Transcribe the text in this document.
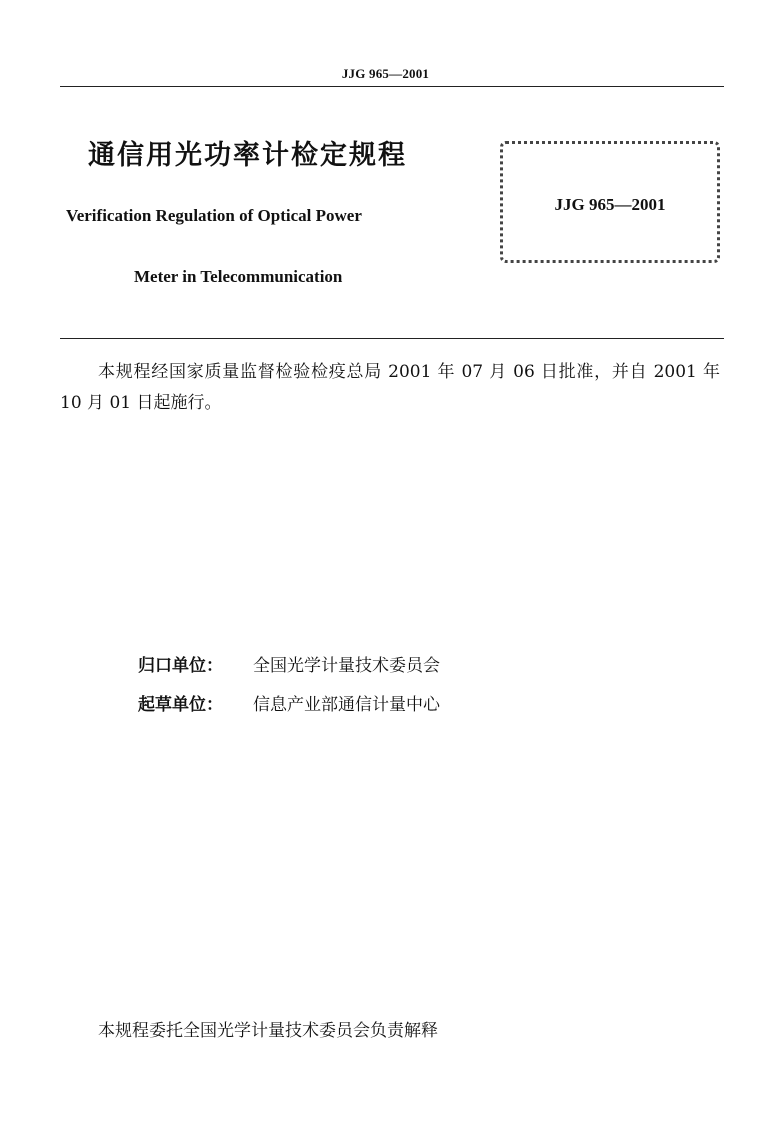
JJG 965—2001
通信用光功率计检定规程
Verification Regulation of Optical Power
Meter in Telecommunication
JJG 965—2001
本规程经国家质量监督检验检疫总局 2001 年 07 月 06 日批准，并自 2001 年 10 月 01 日起施行。
归口单位： 全国光学计量技术委员会
起草单位： 信息产业部通信计量中心
本规程委托全国光学计量技术委员会负责解释
